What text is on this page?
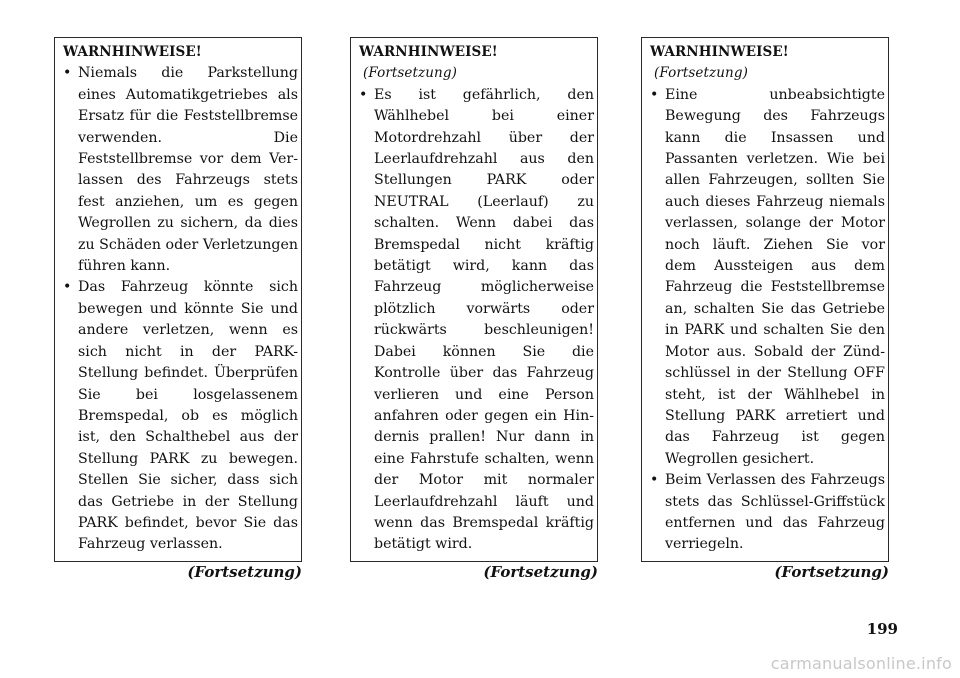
WARNHINWEISE!
• Niemals die Parkstellung eines Automatikgetriebes als Ersatz für die Feststellbremse verwenden. Die Feststellbremse vor dem Verlassen des Fahrzeugs stets fest anziehen, um es gegen Wegrollen zu sichern, da dies zu Schäden oder Verletzungen führen kann.
• Das Fahrzeug könnte sich bewegen und könnte Sie und andere verletzen, wenn es sich nicht in der PARK-Stellung befindet. Überprüfen Sie bei losgelassenem Bremspedal, ob es möglich ist, den Schalthebel aus der Stellung PARK zu bewegen. Stellen Sie sicher, dass sich das Getriebe in der Stellung PARK befindet, bevor Sie das Fahrzeug verlassen.
(Fortsetzung)
WARNHINWEISE!(Fortsetzung)
• Es ist gefährlich, den Wählhebel bei einer Motordrehzahl über der Leerlaufdrehzahl aus den Stellungen PARK oder NEUTRAL (Leerlauf) zu schalten. Wenn dabei das Bremspedal nicht kräftig betätigt wird, kann das Fahrzeug möglicherweise plötzlich vorwärts oder rückwärts beschleunigen! Dabei können Sie die Kontrolle über das Fahrzeug verlieren und eine Person anfahren oder gegen ein Hindernis prallen! Nur dann in eine Fahrstufe schalten, wenn der Motor mit normaler Leerlaufdrehzahl läuft und wenn das Bremspedal kräftig betätigt wird.
(Fortsetzung)
WARNHINWEISE!(Fortsetzung)
• Eine unbeabsichtigte Bewegung des Fahrzeugs kann die Insassen und Passanten verletzen. Wie bei allen Fahrzeugen, sollten Sie auch dieses Fahrzeug niemals verlassen, solange der Motor noch läuft. Ziehen Sie vor dem Aussteigen aus dem Fahrzeug die Feststellbremse an, schalten Sie das Getriebe in PARK und schalten Sie den Motor aus. Sobald der Zündschlüssel in der Stellung OFF steht, ist der Wählhebel in Stellung PARK arretiert und das Fahrzeug ist gegen Wegrollen gesichert.
• Beim Verlassen des Fahrzeugs stets das Schlüssel-Griffstück entfernen und das Fahrzeug verriegeln.
(Fortsetzung)
199
carmanualsonline.info
